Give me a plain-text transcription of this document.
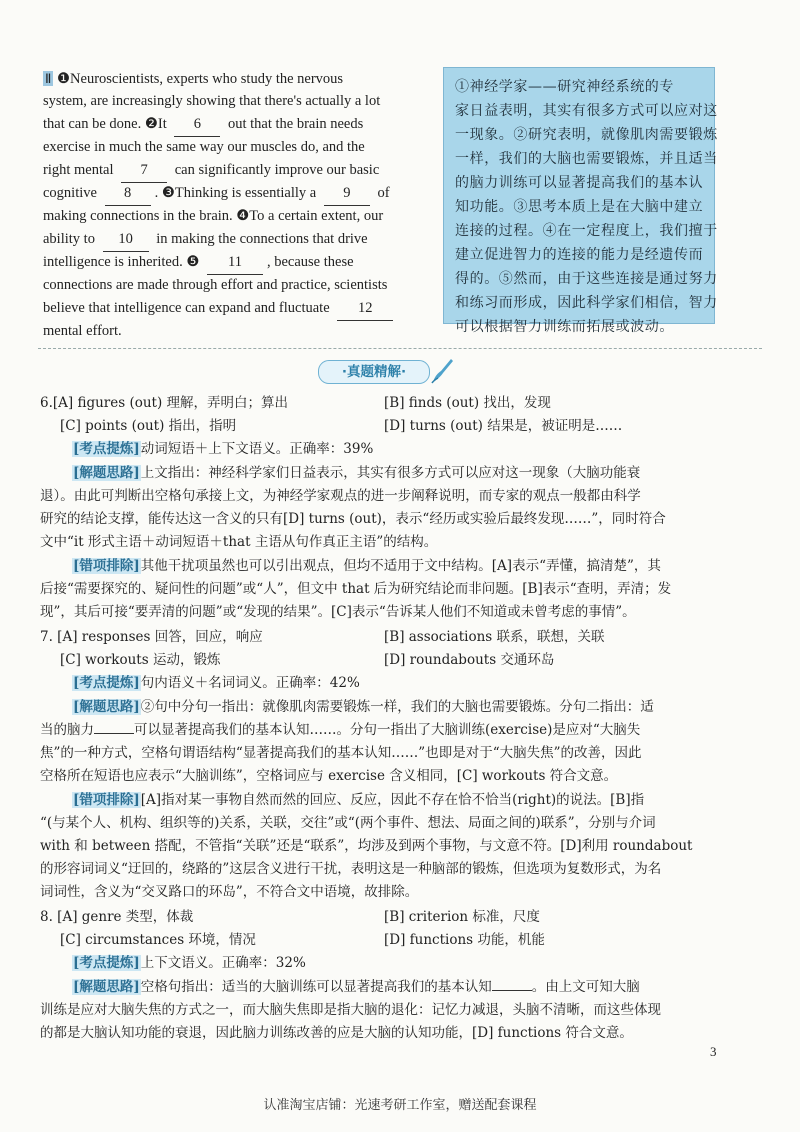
Ⅱ ❶Neuroscientists, experts who study the nervous
system, are increasingly showing that there's actually a lot
that can be done. ❷It 6 out that the brain needs
exercise in much the same way our muscles do, and the
right mental 7 can significantly improve our basic
cognitive 8 . ❸Thinking is essentially a 9 of
making connections in the brain. ❹To a certain extent, our
ability to 10 in making the connections that drive
intelligence is inherited. ❺ 11 , because these
connections are made through effort and practice, scientists
believe that intelligence can expand and fluctuate 12
mental effort.
①神经学家——研究神经系统的专
家日益表明，其实有很多方式可以应对这
一现象。②研究表明，就像肌肉需要锻炼
一样，我们的大脑也需要锻炼，并且适当
的脑力训练可以显著提高我们的基本认
知功能。③思考本质上是在大脑中建立
连接的过程。④在一定程度上，我们擅于
建立促进智力的连接的能力是经遗传而
得的。⑤然而，由于这些连接是通过努力
和练习而形成，因此科学家们相信，智力
可以根据智力训练而拓展或波动。
·真题精解·
6.[A] figures (out) 理解，弄明白；算出	[B] finds (out) 找出，发现
[C] points (out) 指出，指明	[D] turns (out) 结果是，被证明是……
[考点提炼]动词短语＋上下文语义。正确率：39%
[解题思路]上文指出：神经科学家们日益表示，其实有很多方式可以应对这一现象（大脑功能衰
退）。由此可判断出空格句承接上文，为神经学家观点的进一步阐释说明，而专家的观点一般都由科学
研究的结论支撑，能传达这一含义的只有[D] turns (out)，表示“经历或实验后最终发现……”，同时符合
文中“it 形式主语＋动词短语＋that 主语从句作真正主语”的结构。
[错项排除]其他干扰项虽然也可以引出观点，但均不适用于文中结构。[A]表示“弄懂，搞清楚”，其
后接“需要探究的、疑问性的问题”或“人”，但文中 that 后为研究结论而非问题。[B]表示“查明，弄清；发
现”，其后可接“要弄清的问题”或“发现的结果”。[C]表示“告诉某人他们不知道或未曾考虑的事情”。
7. [A] responses 回答，回应，响应	[B] associations 联系，联想，关联
[C] workouts 运动，锻炼	[D] roundabouts 交通环岛
[考点提炼]句内语义＋名词词义。正确率：42%
[解题思路]②句中分句一指出：就像肌肉需要锻炼一样，我们的大脑也需要锻炼。分句二指出：适
当的脑力	可以显著提高我们的基本认知……。分句一指出了大脑训练(exercise)是应对“大脑失
焦”的一种方式，空格句谓语结构“显著提高我们的基本认知……”也即是对于“大脑失焦”的改善，因此
空格所在短语也应表示“大脑训练”，空格词应与 exercise 含义相同，[C] workouts 符合文意。
[错项排除][A]指对某一事物自然而然的回应、反应，因此不存在恰不恰当(right)的说法。[B]指
“(与某个人、机构、组织等的)关系，关联，交往”或“(两个事件、想法、局面之间的)联系”，分别与介词
with 和 between 搭配，不管指“关联”还是“联系”，均涉及到两个事物，与文意不符。[D]利用 roundabout
的形容词词义“迂回的，绕路的”这层含义进行干扰，表明这是一种脑部的锻炼，但选项为复数形式，为名
词词性，含义为“交叉路口的环岛”，不符合文中语境，故排除。
8. [A] genre 类型，体裁	[B] criterion 标准，尺度
[C] circumstances 环境，情况	[D] functions 功能，机能
[考点提炼]上下文语义。正确率：32%
[解题思路]空格句指出：适当的大脑训练可以显著提高我们的基本认知	。由上文可知大脑
训练是应对大脑失焦的方式之一，而大脑失焦即是指大脑的退化：记忆力减退，头脑不清晰，而这些体现
的都是大脑认知功能的衰退，因此脑力训练改善的应是大脑的认知功能，[D] functions 符合文意。
3
认准淘宝店铺：光速考研工作室，赠送配套课程
